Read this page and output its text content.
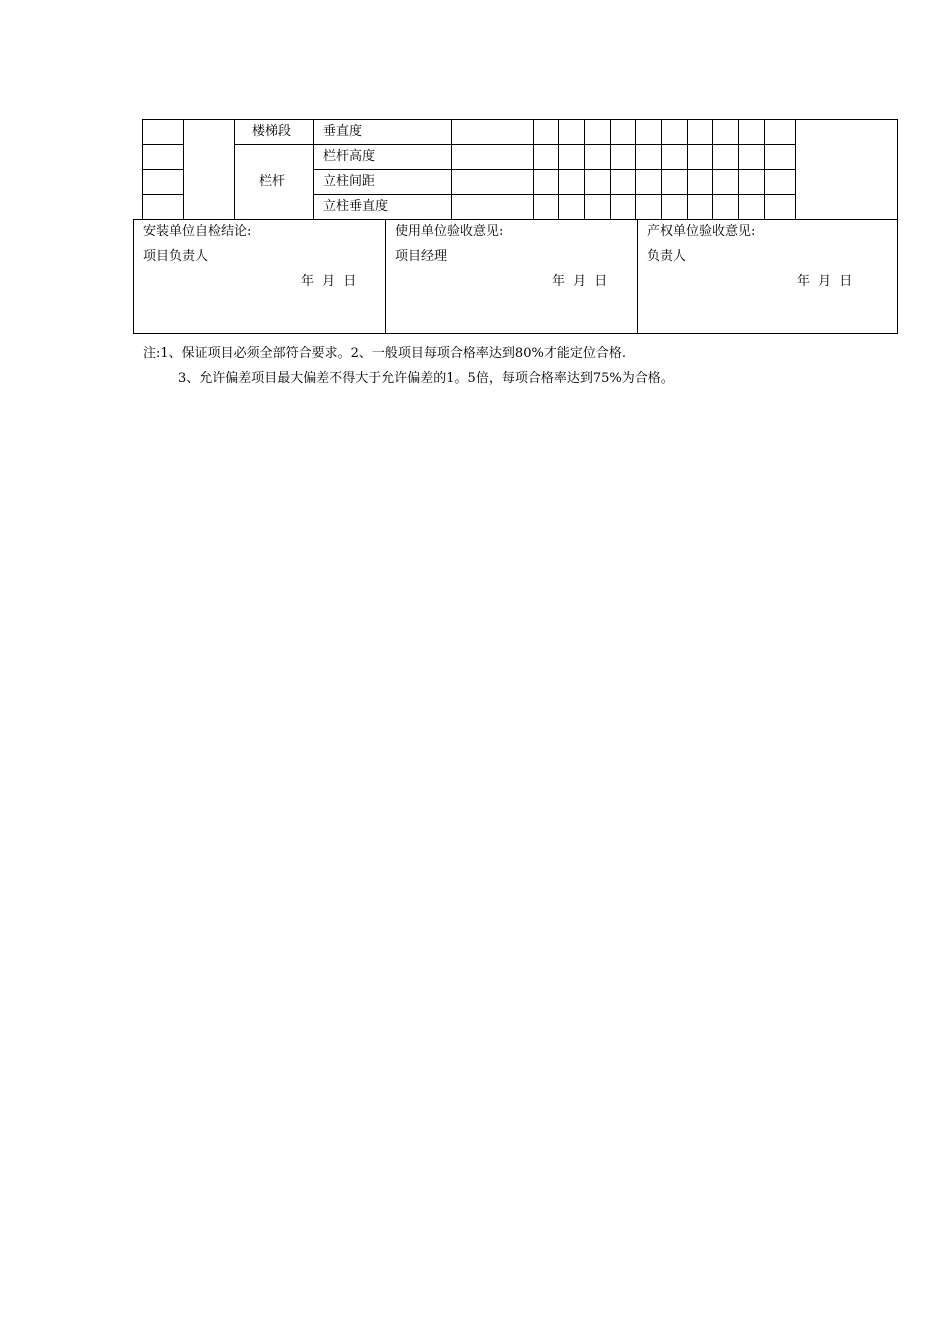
楼梯段
栏杆
垂直度
栏杆高度
立柱间距
立柱垂直度
安装单位自检结论:
项目负责人
年 月 日
使用单位验收意见:
项目经理
年 月 日
产权单位验收意见:
负责人
年 月 日
注:1、保证项目必须全部符合要求。2、一般项目每项合格率达到80%才能定位合格.
3、允许偏差项目最大偏差不得大于允许偏差的1。5倍，每项合格率达到75%为合格。
